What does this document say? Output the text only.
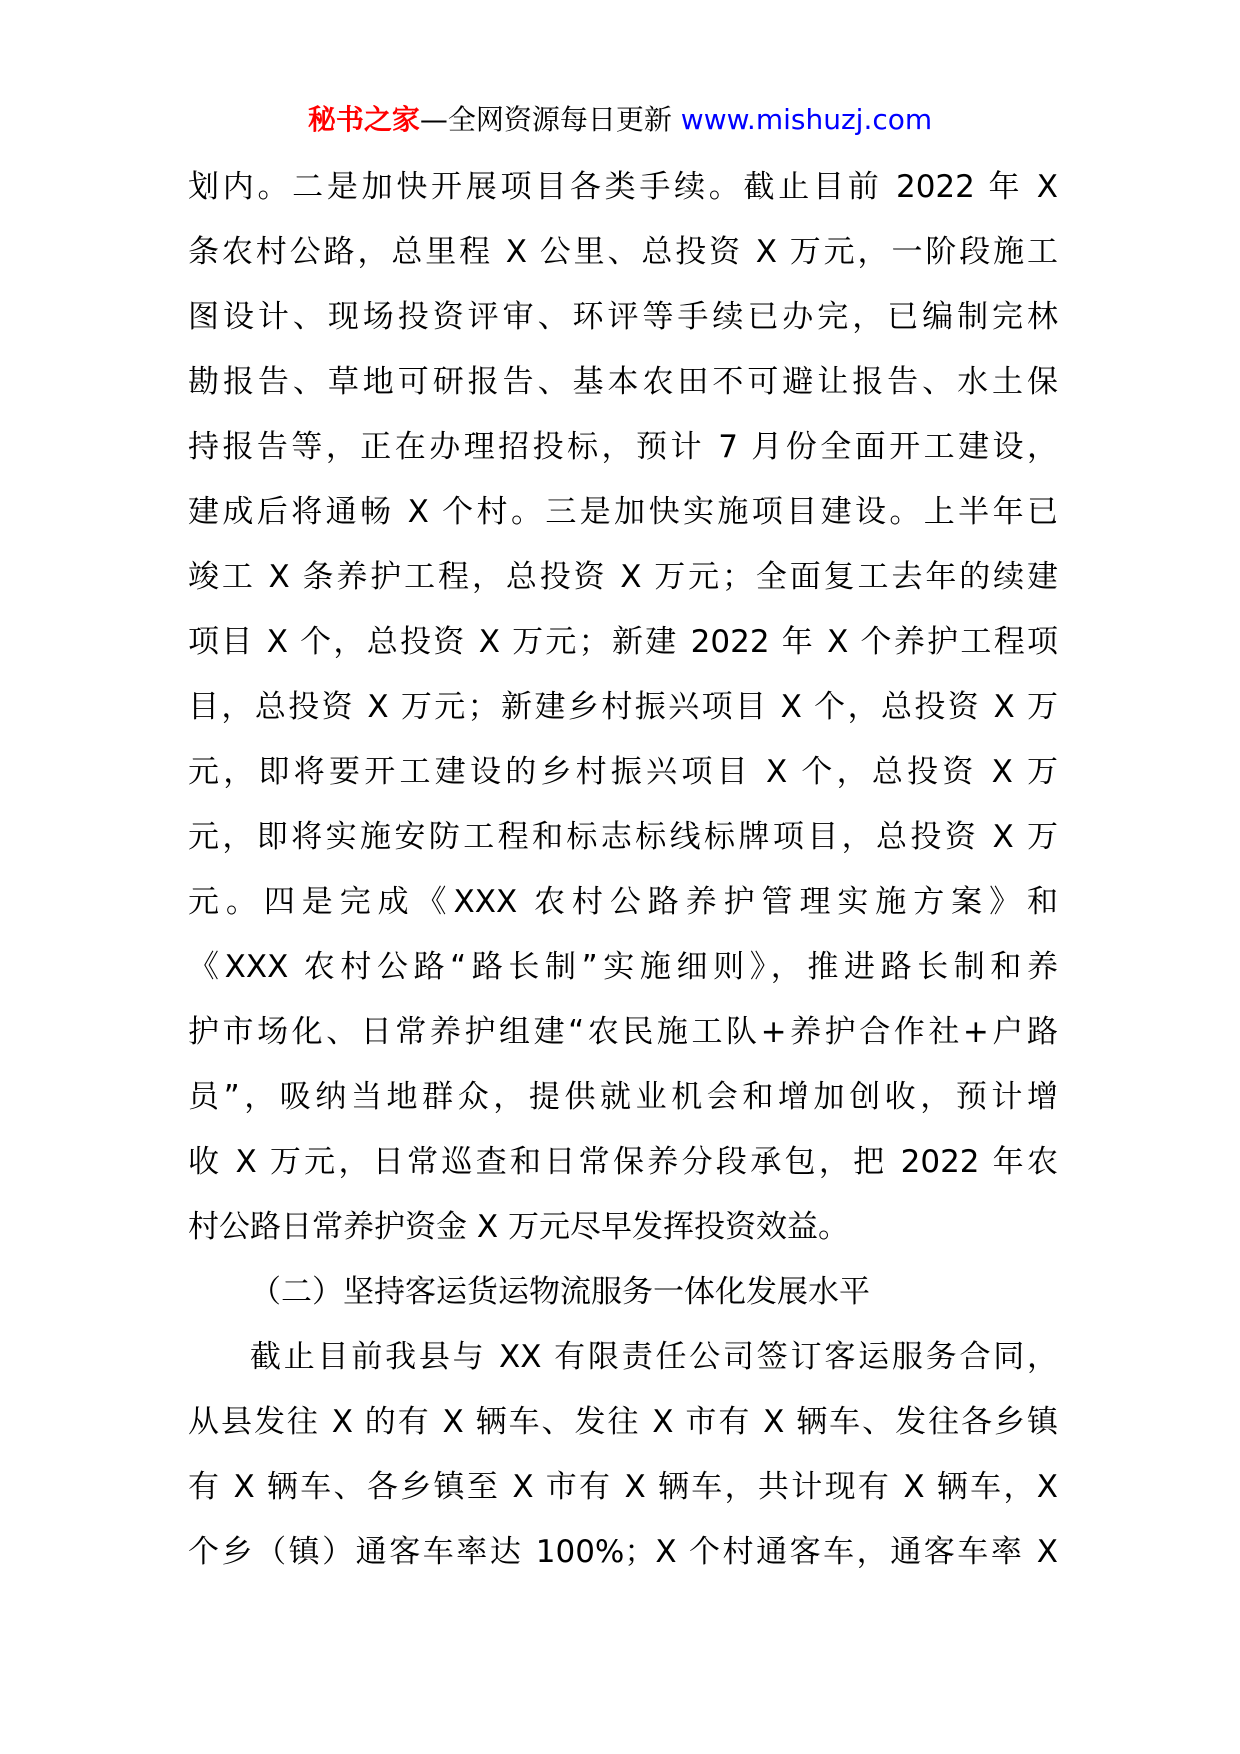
秘书之家—全网资源每日更新 www.mishuzj.com
划内。二是加快开展项目各类手续。截止目前 2022 年 X
条农村公路，总里程 X 公里、总投资 X 万元，一阶段施工
图设计、现场投资评审、环评等手续已办完，已编制完林
勘报告、草地可研报告、基本农田不可避让报告、水土保
持报告等，正在办理招投标，预计 7 月份全面开工建设，
建成后将通畅 X 个村。三是加快实施项目建设。上半年已
竣工 X 条养护工程，总投资 X 万元；全面复工去年的续建
项目 X 个，总投资 X 万元；新建 2022 年 X 个养护工程项
目，总投资 X 万元；新建乡村振兴项目 X 个，总投资 X 万
元，即将要开工建设的乡村振兴项目 X 个，总投资 X 万
元，即将实施安防工程和标志标线标牌项目，总投资 X 万
元。四是完成《XXX 农村公路养护管理实施方案》和
《XXX 农村公路“路长制”实施细则》，推进路长制和养
护市场化、日常养护组建“农民施工队+养护合作社+户路
员”，吸纳当地群众，提供就业机会和增加创收，预计增
收 X 万元，日常巡查和日常保养分段承包，把 2022 年农
村公路日常养护资金 X 万元尽早发挥投资效益。
（二）坚持客运货运物流服务一体化发展水平
截止目前我县与 XX 有限责任公司签订客运服务合同，
从县发往 X 的有 X 辆车、发往 X 市有 X 辆车、发往各乡镇
有 X 辆车、各乡镇至 X 市有 X 辆车，共计现有 X 辆车，X
个乡（镇）通客车率达 100%；X 个村通客车，通客车率 X
